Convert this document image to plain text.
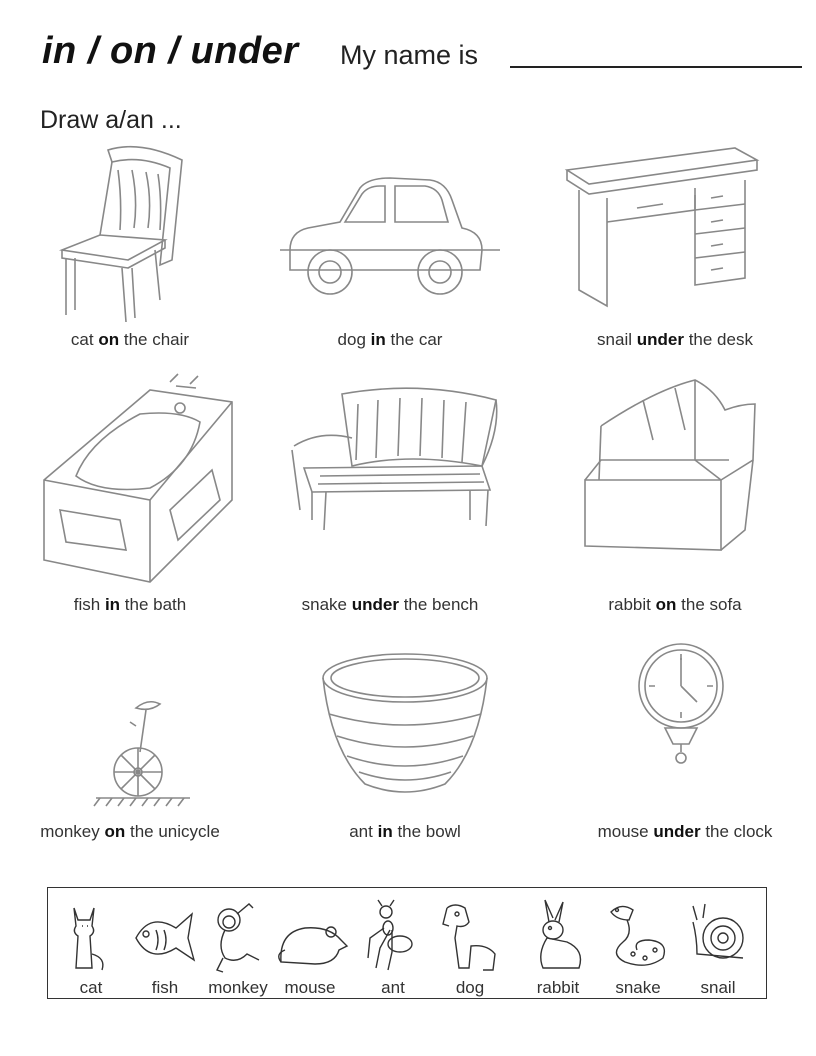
in / on / under My name is
Draw a/an ...
cat on the chair	dog in the car	snail under the desk
fish in the bath	snake under the bench	rabbit on the sofa
monkey on the unicycle	ant in the bowl	mouse under the clock
cat	fish	monkey mouse	ant	dog	rabbit	snake	snail
